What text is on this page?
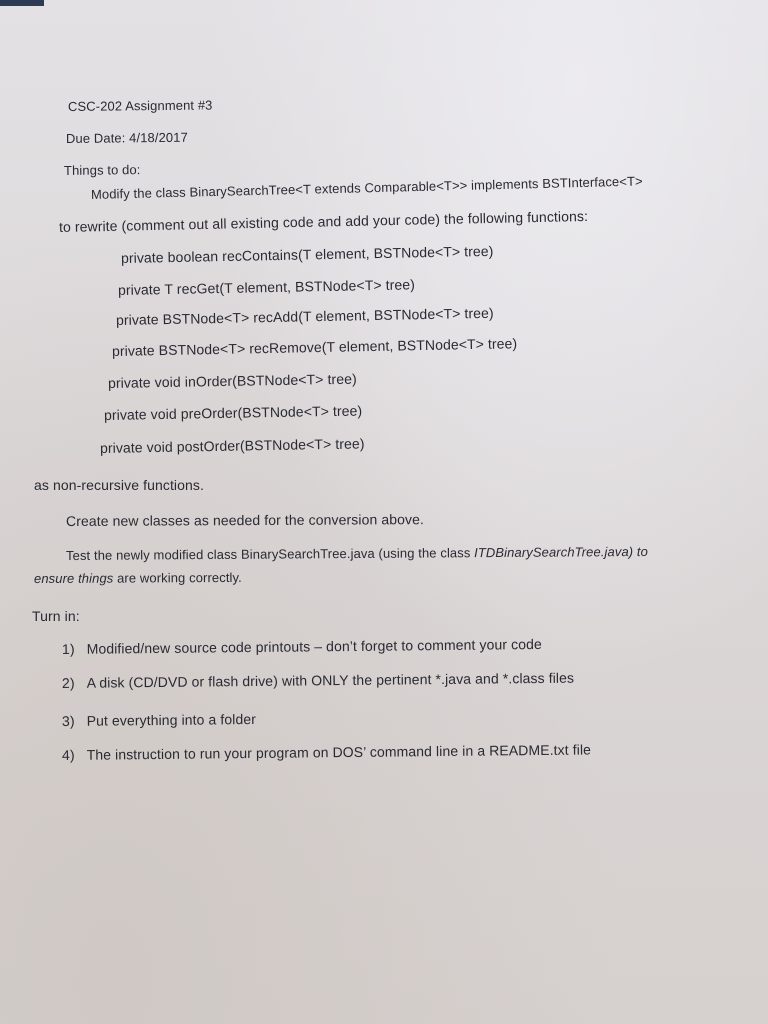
CSC-202 Assignment #3
Due Date: 4/18/2017
Things to do:
Modify the class BinarySearchTree<T extends Comparable<T>> implements BSTInterface<T>
to rewrite (comment out all existing code and add your code) the following functions:
private boolean recContains(T element, BSTNode<T> tree)
private T recGet(T element, BSTNode<T> tree)
private BSTNode<T> recAdd(T element, BSTNode<T> tree)
private BSTNode<T> recRemove(T element, BSTNode<T> tree)
private void inOrder(BSTNode<T> tree)
private void preOrder(BSTNode<T> tree)
private void postOrder(BSTNode<T> tree)
as non-recursive functions.
Create new classes as needed for the conversion above.
Test the newly modified class BinarySearchTree.java (using the class ITDBinarySearchTree.java) to
ensure things are working correctly.
Turn in:
1) Modified/new source code printouts – don’t forget to comment your code
2) A disk (CD/DVD or flash drive) with ONLY the pertinent *.java and *.class files
3) Put everything into a folder
4) The instruction to run your program on DOS’ command line in a README.txt file
